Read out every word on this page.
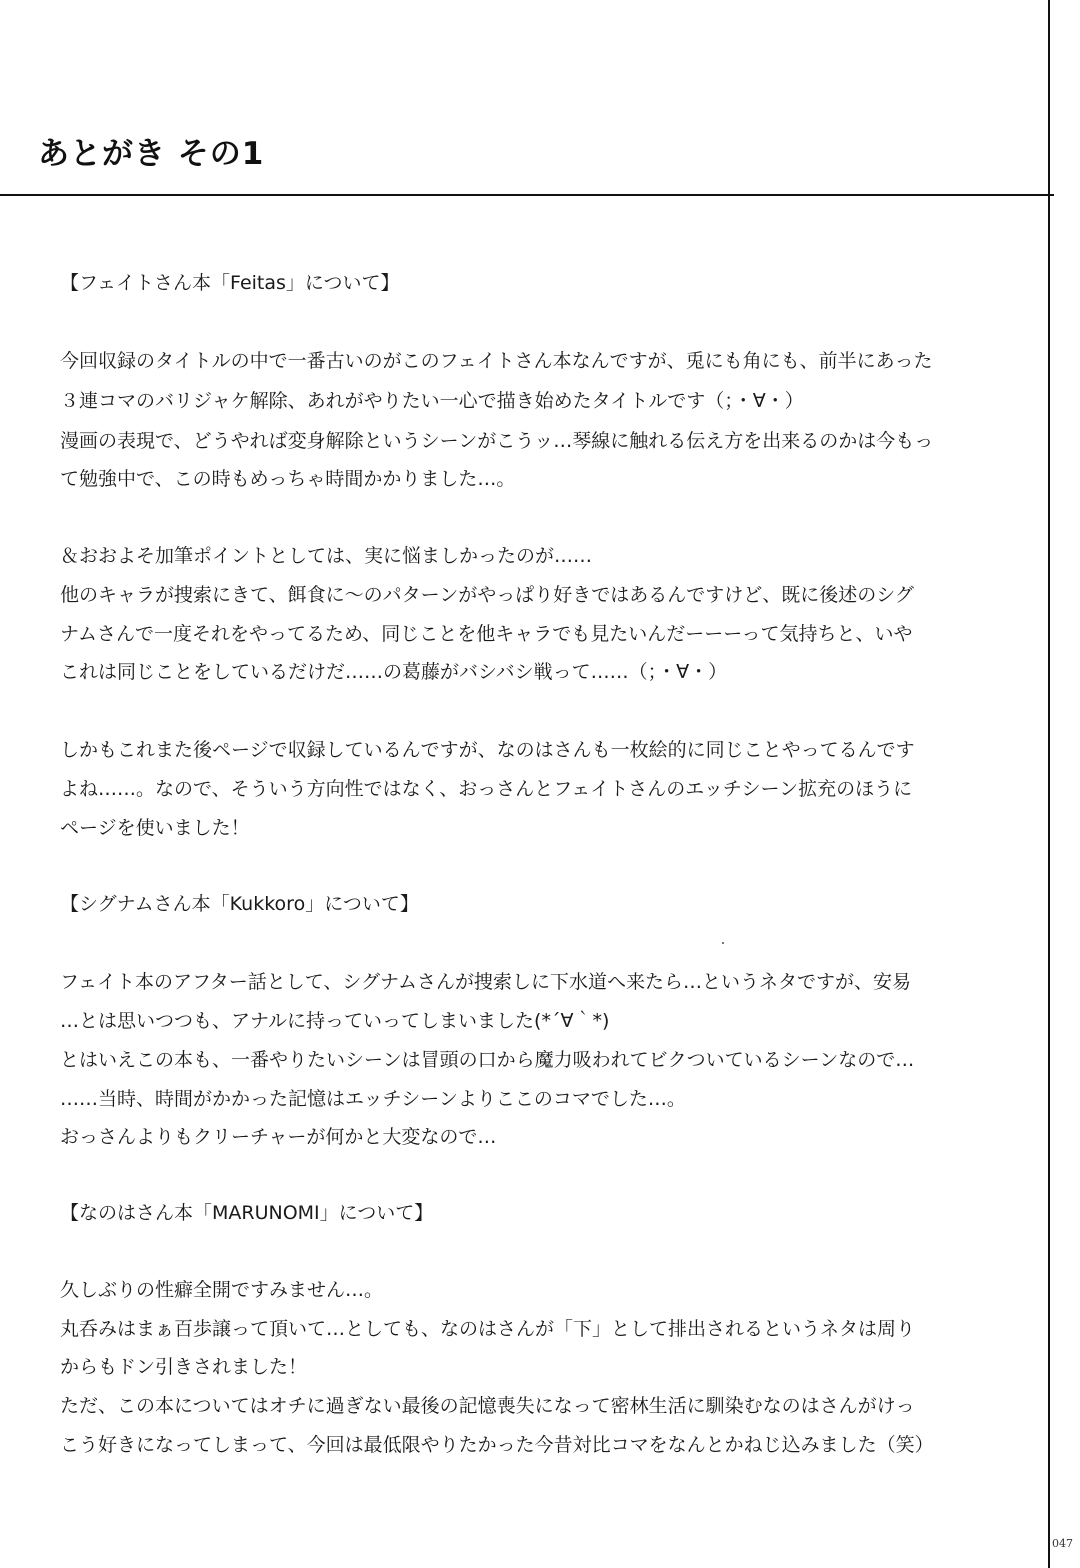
あとがき その1
【フェイトさん本「Feitas」について】
今回収録のタイトルの中で一番古いのがこのフェイトさん本なんですが、兎にも角にも、前半にあった
３連コマのバリジャケ解除、あれがやりたい一心で描き始めたタイトルです（；・∀・）
漫画の表現で、どうやれば変身解除というシーンがこうッ…琴線に触れる伝え方を出来るのかは今もっ
て勉強中で、この時もめっちゃ時間かかりました…。
＆おおよそ加筆ポイントとしては、実に悩ましかったのが……
他のキャラが捜索にきて、餌食に～のパターンがやっぱり好きではあるんですけど、既に後述のシグ
ナムさんで一度それをやってるため、同じことを他キャラでも見たいんだーーーって気持ちと、いや
これは同じことをしているだけだ……の葛藤がバシバシ戦って……（；・∀・）
しかもこれまた後ページで収録しているんですが、なのはさんも一枚絵的に同じことやってるんです
よね……。なので、そういう方向性ではなく、おっさんとフェイトさんのエッチシーン拡充のほうに
ページを使いました！
【シグナムさん本「Kukkoro」について】
フェイト本のアフター話として、シグナムさんが捜索しに下水道へ来たら…というネタですが、安易
…とは思いつつも、アナルに持っていってしまいました(*´∀｀*)
とはいえこの本も、一番やりたいシーンは冒頭の口から魔力吸われてビクついているシーンなので…
……当時、時間がかかった記憶はエッチシーンよりここのコマでした…。
おっさんよりもクリーチャーが何かと大変なので…
【なのはさん本「MARUNOMI」について】
久しぶりの性癖全開ですみません…。
丸呑みはまぁ百歩譲って頂いて…としても、なのはさんが「下」として排出されるというネタは周り
からもドン引きされました！
ただ、この本についてはオチに過ぎない最後の記憶喪失になって密林生活に馴染むなのはさんがけっ
こう好きになってしまって、今回は最低限やりたかった今昔対比コマをなんとかねじ込みました（笑）
047
